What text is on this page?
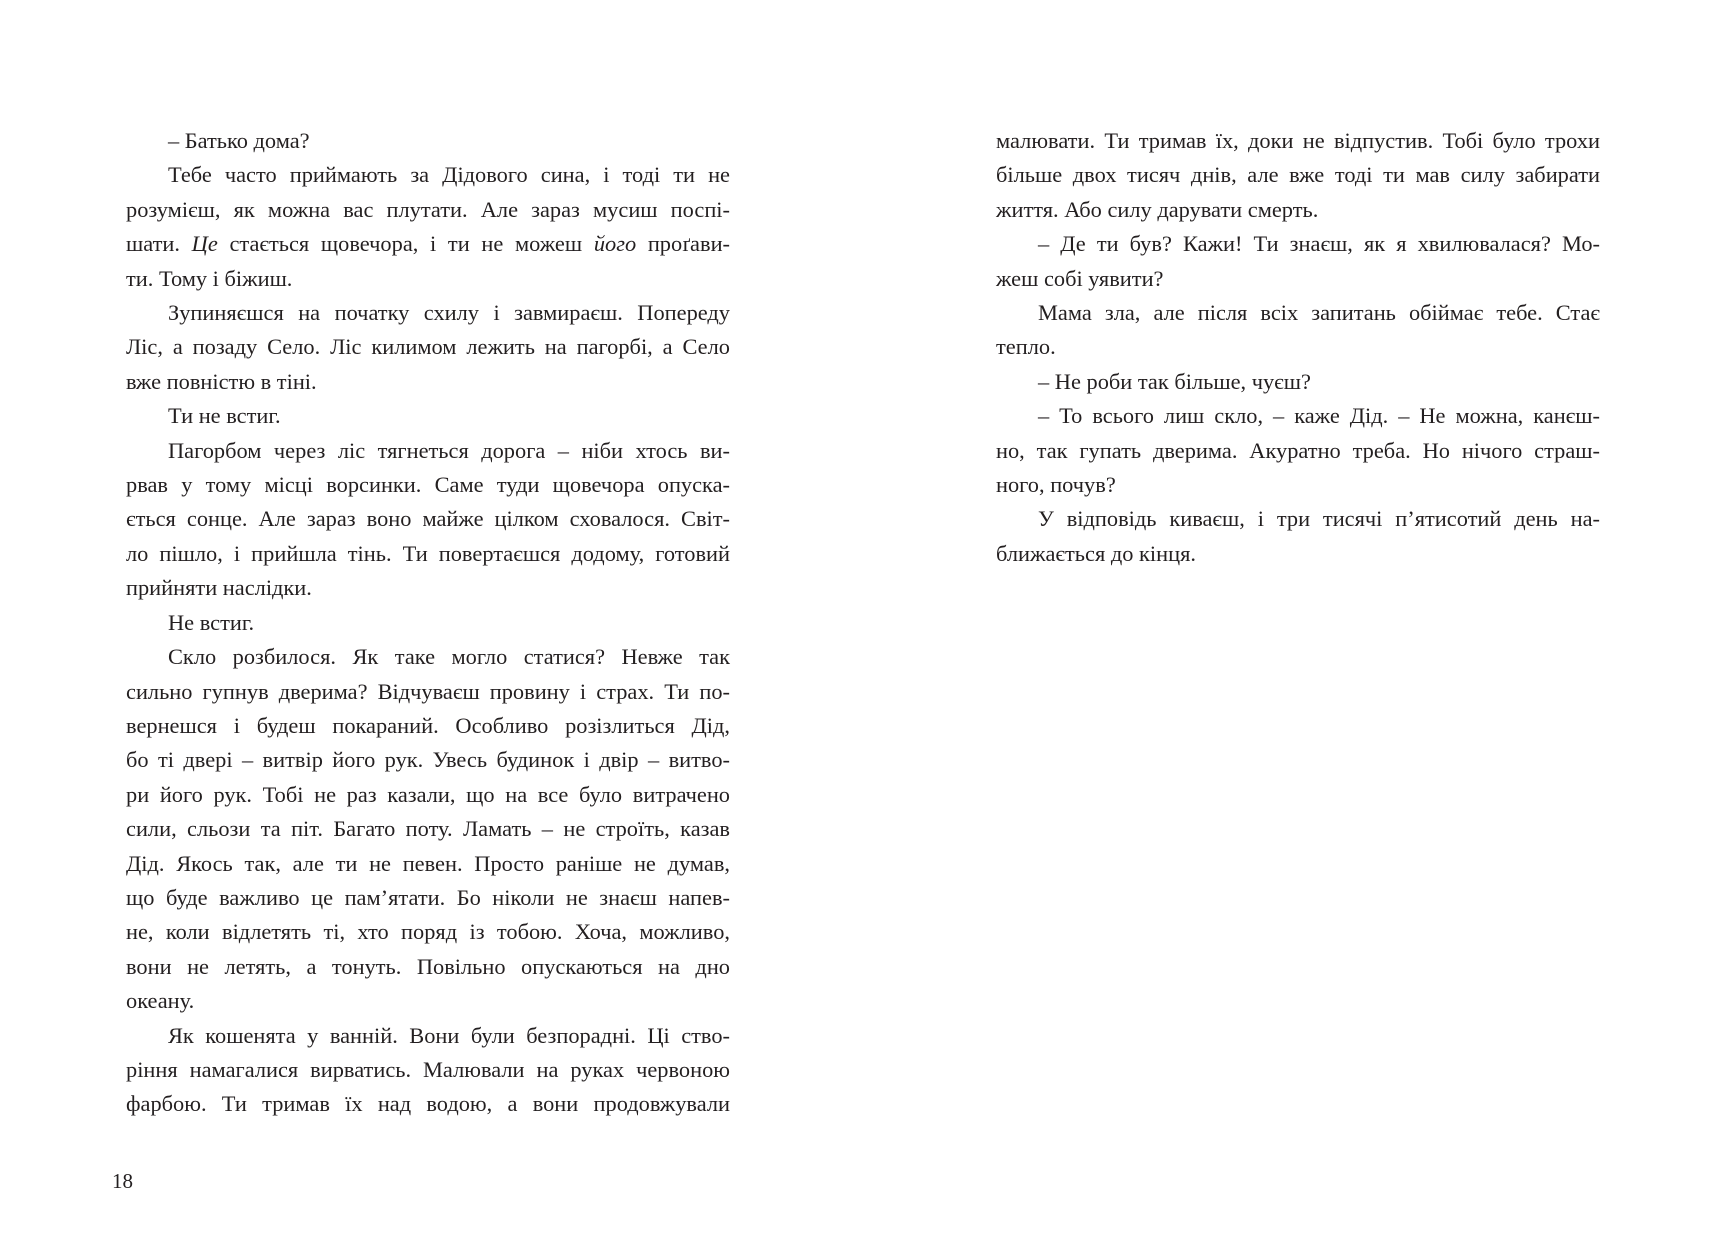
– Батько дома?

Тебе часто приймають за Дідового сина, і тоді ти не
розумієш, як можна вас плутати. Але зараз мусиш поспі-
шати. Це стається щовечора, і ти не можеш його проґави-
ти. Тому і біжиш.

Зупиняєшся на початку схилу і завмираєш. Попереду
Ліс, а позаду Село. Ліс килимом лежить на пагорбі, а Село
вже повністю в тіні.

Ти не встиг.

Пагорбом через ліс тягнеться дорога – ніби хтось ви-
рвав у тому місці ворсинки. Саме туди щовечора опуска-
ється сонце. Але зараз воно майже цілком сховалося. Світ-
ло пішло, і прийшла тінь. Ти повертаєшся додому, готовий
прийняти наслідки.

Не встиг.

Скло розбилося. Як таке могло статися? Невже так
сильно гупнув дверима? Відчуваєш провину і страх. Ти по-
вернешся і будеш покараний. Особливо розізлиться Дід,
бо ті двері – витвір його рук. Увесь будинок і двір – витво-
ри його рук. Тобі не раз казали, що на все було витрачено
сили, сльози та піт. Багато поту. Ламать – не строїть, казав
Дід. Якось так, але ти не певен. Просто раніше не думав,
що буде важливо це пам’ятати. Бо ніколи не знаєш напев-
не, коли відлетять ті, хто поряд із тобою. Хоча, можливо,
вони не летять, а тонуть. Повільно опускаються на дно
океану.

Як кошенята у ванній. Вони були безпорадні. Ці ство-
ріння намагалися вирватись. Малювали на руках червоною
фарбою. Ти тримав їх над водою, а вони продовжували

18

малювати. Ти тримав їх, доки не відпустив. Тобі було трохи
більше двох тисяч днів, але вже тоді ти мав силу забирати
життя. Або силу дарувати смерть.

– Де ти був? Кажи! Ти знаєш, як я хвилювалася? Мо-
жеш собі уявити?

Мама зла, але після всіх запитань обіймає тебе. Стає
тепло.

– Не роби так більше, чуєш?

– То всього лиш скло, – каже Дід. – Не можна, канєш-
но, так гупать дверима. Акуратно треба. Но нічого страш-
ного, почув?

У відповідь киваєш, і три тисячі п’ятисотий день на-
ближається до кінця.
